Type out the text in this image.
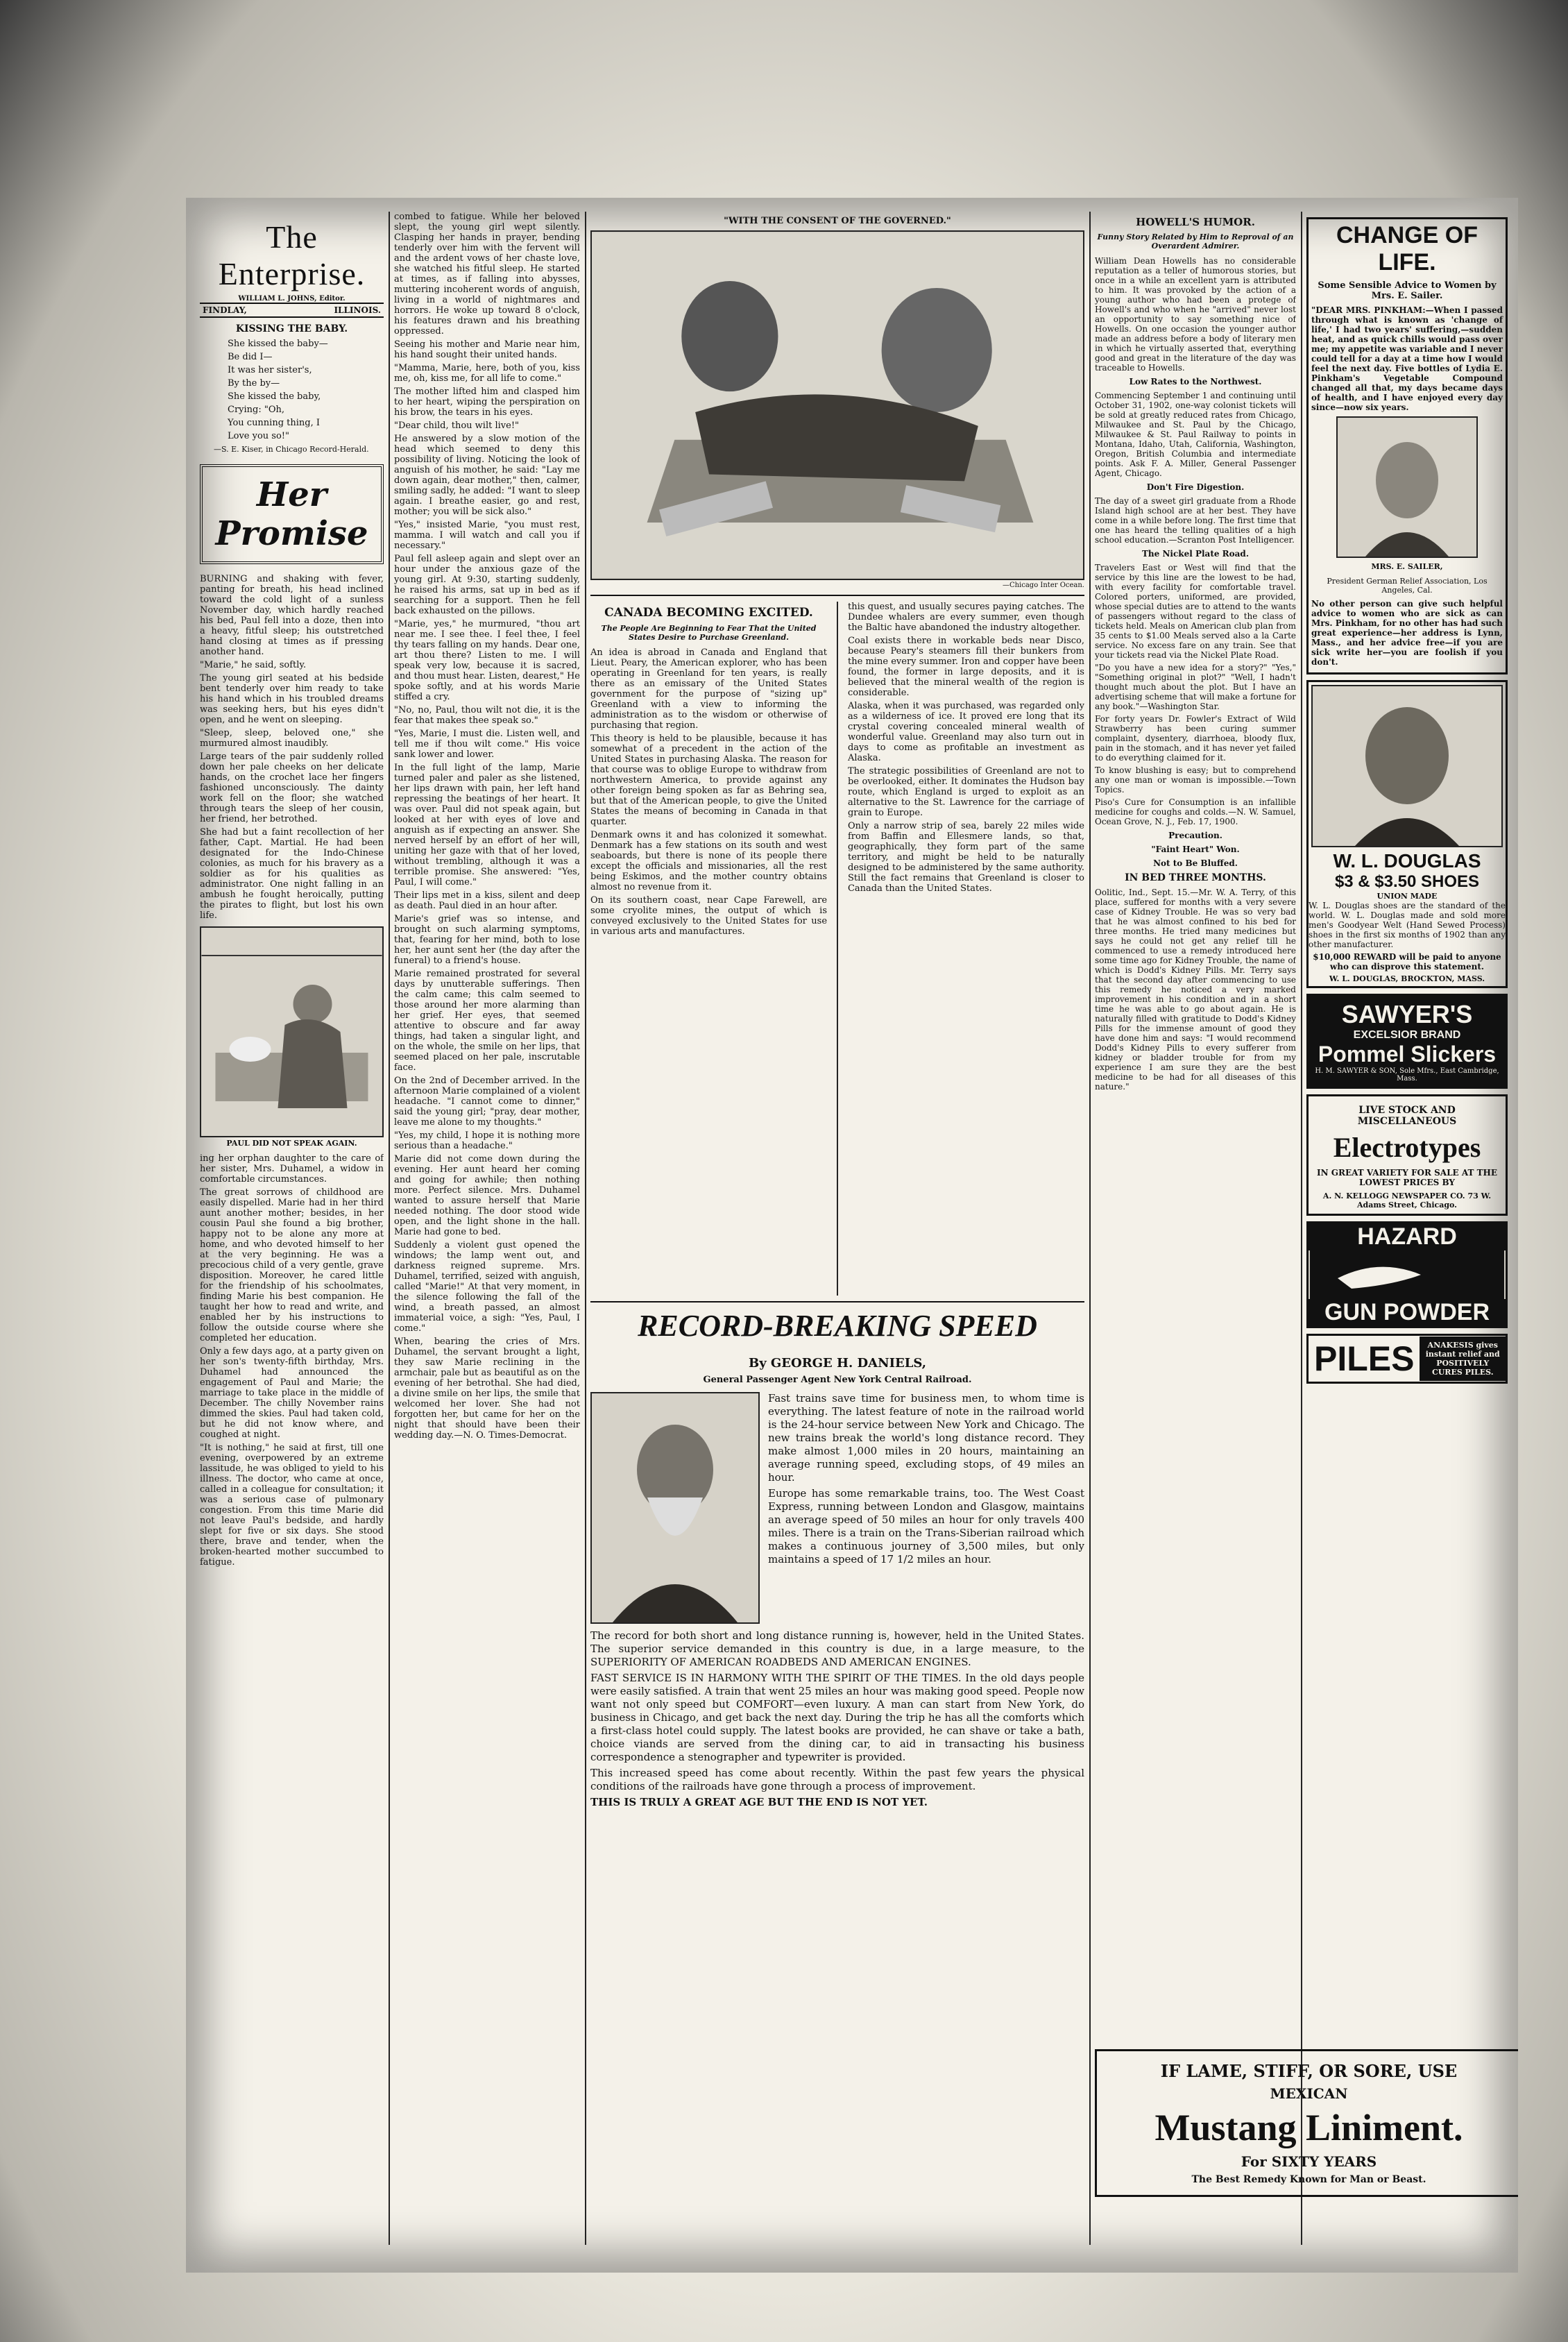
The Enterprise.
WILLIAM L. JOHNS, Editor.
FINDLAY,	ILLINOIS.
KISSING THE BABY.
She kissed the baby—
Be did I—
It was her sister's,
By the by—
She kissed the baby,
Crying: "Oh,
You cunning thing, I
Love you so!"
—S. E. Kiser, in Chicago Record-Herald.
Her Promise

BURNING and shaking with fever, panting for breath, his head inclined toward the cold light of a sunless November day, which hardly reached his bed, Paul fell into a doze, then into a heavy, fitful sleep; his outstretched hand closing at times as if pressing another hand.

"Marie," he said, softly.

The young girl seated at his bedside bent tenderly over him ready to take his hand which in his troubled dreams was seeking hers, but his eyes didn't open, and he went on sleeping.

"Sleep, sleep, beloved one," she murmured almost inaudibly.

Large tears of the pair suddenly rolled down her pale cheeks on her delicate hands, on the crochet lace her fingers fashioned unconsciously. The dainty work fell on the floor; she watched through tears the sleep of her cousin, her friend, her betrothed.

She had but a faint recollection of her father, Capt. Martial. He had been designated for the Indo-Chinese colonies, as much for his bravery as a soldier as for his qualities as administrator. One night falling in an ambush he fought heroically, putting the pirates to flight, but lost his own life.

PAUL DID NOT SPEAK AGAIN.

ing her orphan daughter to the care of her sister, Mrs. Duhamel, a widow in comfortable circumstances.

The great sorrows of childhood are easily dispelled. Marie had in her third aunt another mother; besides, in her cousin Paul she found a big brother, happy not to be alone any more at home, and who devoted himself to her at the very beginning. He was a precocious child of a very gentle, grave disposition. Moreover, he cared little for the friendship of his schoolmates, finding Marie his best companion. He taught her how to read and write, and enabled her by his instructions to follow the outside course where she completed her education.

Only a few days ago, at a party given on her son's twenty-fifth birthday, Mrs. Duhamel had announced the engagement of Paul and Marie; the marriage to take place in the middle of December. The chilly November rains dimmed the skies. Paul had taken cold, but he did not know where, and coughed at night.

"It is nothing," he said at first, till one evening, overpowered by an extreme lassitude, he was obliged to yield to his illness. The doctor, who came at once, called in a colleague for consultation; it was a serious case of pulmonary congestion. From this time Marie did not leave Paul's bedside, and hardly slept for five or six days. She stood there, brave and tender, when the broken-hearted mother succumbed to fatigue.

combed to fatigue. While her beloved slept, the young girl wept silently. Clasping her hands in prayer, bending tenderly over him with the fervent will and the ardent vows of her chaste love, she watched his fitful sleep. He started at times, as if falling into abysses, muttering incoherent words of anguish, living in a world of nightmares and horrors. He woke up toward 8 o'clock, his features drawn and his breathing oppressed.

Seeing his mother and Marie near him, his hand sought their united hands.

"Mamma, Marie, here, both of you, kiss me, oh, kiss me, for all life to come."

The mother lifted him and clasped him to her heart, wiping the perspiration on his brow, the tears in his eyes.

"Dear child, thou wilt live!"

He answered by a slow motion of the head which seemed to deny this possibility of living. Noticing the look of anguish of his mother, he said: "Lay me down again, dear mother," then, calmer, smiling sadly, he added: "I want to sleep again. I breathe easier, go and rest, mother; you will be sick also."

"Yes," insisted Marie, "you must rest, mamma. I will watch and call you if necessary."

Paul fell asleep again and slept over an hour under the anxious gaze of the young girl. At 9:30, starting suddenly, he raised his arms, sat up in bed as if searching for a support. Then he fell back exhausted on the pillows.

"Marie, yes," he murmured, "thou art near me. I see thee. I feel thee, I feel thy tears falling on my hands. Dear one, art thou there? Listen to me. I will speak very low, because it is sacred, and thou must hear. Listen, dearest," He spoke softly, and at his words Marie stiffed a cry.

"No, no, Paul, thou wilt not die, it is the fear that makes thee speak so."

"Yes, Marie, I must die. Listen well, and tell me if thou wilt come." His voice sank lower and lower.

In the full light of the lamp, Marie turned paler and paler as she listened, her lips drawn with pain, her left hand repressing the beatings of her heart. It was over. Paul did not speak again, but looked at her with eyes of love and anguish as if expecting an answer. She nerved herself by an effort of her will, uniting her gaze with that of her loved, without trembling, although it was a terrible promise. She answered: "Yes, Paul, I will come."

Their lips met in a kiss, silent and deep as death. Paul died in an hour after.

Marie's grief was so intense, and brought on such alarming symptoms, that, fearing for her mind, both to lose her, her aunt sent her (the day after the funeral) to a friend's house.

Marie remained prostrated for several days by unutterable sufferings. Then the calm came; this calm seemed to those around her more alarming than her grief. Her eyes, that seemed attentive to obscure and far away things, had taken a singular light, and on the whole, the smile on her lips, that seemed placed on her pale, inscrutable face.

On the 2nd of December arrived. In the afternoon Marie complained of a violent headache. "I cannot come to dinner," said the young girl; "pray, dear mother, leave me alone to my thoughts."

"Yes, my child, I hope it is nothing more serious than a headache."

Marie did not come down during the evening. Her aunt heard her coming and going for awhile; then nothing more. Perfect silence. Mrs. Duhamel wanted to assure herself that Marie needed nothing. The door stood wide open, and the light shone in the hall. Marie had gone to bed.

Suddenly a violent gust opened the windows; the lamp went out, and darkness reigned supreme. Mrs. Duhamel, terrified, seized with anguish, called "Marie!" At that very moment, in the silence following the fall of the wind, a breath passed, an almost immaterial voice, a sigh: "Yes, Paul, I come."

When, bearing the cries of Mrs. Duhamel, the servant brought a light, they saw Marie reclining in the armchair, pale but as beautiful as on the evening of her betrothal. She had died, a divine smile on her lips, the smile that welcomed her lover. She had not forgotten her, but came for her on the night that should have been their wedding day.—N. O. Times-Democrat.

"WITH THE CONSENT OF THE GOVERNED."
—Chicago Inter Ocean.
CANADA BECOMING EXCITED.
The People Are Beginning to Fear That the United States Desire to Purchase Greenland.

An idea is abroad in Canada and England that Lieut. Peary, the American explorer, who has been operating in Greenland for ten years, is really there as an emissary of the United States government for the purpose of "sizing up" Greenland with a view to informing the administration as to the wisdom or otherwise of purchasing that region.

This theory is held to be plausible, because it has somewhat of a precedent in the action of the United States in purchasing Alaska. The reason for that course was to oblige Europe to withdraw from northwestern America, to provide against any other foreign being spoken as far as Behring sea, but that of the American people, to give the United States the means of becoming in Canada in that quarter.

Denmark owns it and has colonized it somewhat. Denmark has a few stations on its south and west seaboards, but there is none of its people there except the officials and missionaries, all the rest being Eskimos, and the mother country obtains almost no revenue from it.

On its southern coast, near Cape Farewell, are some cryolite mines, the output of which is conveyed exclusively to the United States for use in various arts and manufactures.

this quest, and usually secures paying catches. The Dundee whalers are every summer, even though the Baltic have abandoned the industry altogether.

Coal exists there in workable beds near Disco, because Peary's steamers fill their bunkers from the mine every summer. Iron and copper have been found, the former in large deposits, and it is believed that the mineral wealth of the region is considerable.

Alaska, when it was purchased, was regarded only as a wilderness of ice. It proved ere long that its crystal covering concealed mineral wealth of wonderful value. Greenland may also turn out in days to come as profitable an investment as Alaska.

The strategic possibilities of Greenland are not to be overlooked, either. It dominates the Hudson bay route, which England is urged to exploit as an alternative to the St. Lawrence for the carriage of grain to Europe.

Only a narrow strip of sea, barely 22 miles wide from Baffin and Ellesmere lands, so that, geographically, they form part of the same territory, and might be held to be naturally designed to be administered by the same authority. Still the fact remains that Greenland is closer to Canada than the United States.

RECORD-BREAKING SPEED
By GEORGE H. DANIELS,
General Passenger Agent New York Central Railroad.

Fast trains save time for business men, to whom time is everything. The latest feature of note in the railroad world is the 24-hour service between New York and Chicago. The new trains break the world's long distance record. They make almost 1,000 miles in 20 hours, maintaining an average running speed, excluding stops, of 49 miles an hour.

Europe has some remarkable trains, too. The West Coast Express, running between London and Glasgow, maintains an average speed of 50 miles an hour for only travels 400 miles. There is a train on the Trans-Siberian railroad which makes a continuous journey of 3,500 miles, but only maintains a speed of 17 1/2 miles an hour.

The record for both short and long distance running is, however, held in the United States. The superior service demanded in this country is due, in a large measure, to the SUPERIORITY OF AMERICAN ROADBEDS AND AMERICAN ENGINES.

FAST SERVICE IS IN HARMONY WITH THE SPIRIT OF THE TIMES. In the old days people were easily satisfied. A train that went 25 miles an hour was making good speed. People now want not only speed but COMFORT—even luxury. A man can start from New York, do business in Chicago, and get back the next day. During the trip he has all the comforts which a first-class hotel could supply. The latest books are provided, he can shave or take a bath, choice viands are served from the dining car, to aid in transacting his business correspondence a stenographer and typewriter is provided.

This increased speed has come about recently. Within the past few years the physical conditions of the railroads have gone through a process of improvement.

THIS IS TRULY A GREAT AGE BUT THE END IS NOT YET.

HOWELL'S HUMOR.
Funny Story Related by Him to Reproval of an Overardent Admirer.

William Dean Howells has no considerable reputation as a teller of humorous stories, but once in a while an excellent yarn is attributed to him. It was provoked by the action of a young author who had been a protege of Howell's and who when he "arrived" never lost an opportunity to say something nice of Howells. On one occasion the younger author made an address before a body of literary men in which he virtually asserted that, everything good and great in the literature of the day was traceable to Howells.

Low Rates to the Northwest.

Commencing September 1 and continuing until October 31, 1902, one-way colonist tickets will be sold at greatly reduced rates from Chicago, Milwaukee and St. Paul by the Chicago, Milwaukee & St. Paul Railway to points in Montana, Idaho, Utah, California, Washington, Oregon, British Columbia and intermediate points. Ask F. A. Miller, General Passenger Agent, Chicago.

Don't Fire Digestion.

The day of a sweet girl graduate from a Rhode Island high school are at her best. They have come in a while before long. The first time that one has heard the telling qualities of a high school education.—Scranton Post Intelligencer.

The Nickel Plate Road.

Travelers East or West will find that the service by this line are the lowest to be had, with every facility for comfortable travel. Colored porters, uniformed, are provided, whose special duties are to attend to the wants of passengers without regard to the class of tickets held. Meals on American club plan from 35 cents to $1.00 Meals served also a la Carte service. No excess fare on any train. See that your tickets read via the Nickel Plate Road.

"Do you have a new idea for a story?" "Yes," "Something original in plot?" "Well, I hadn't thought much about the plot. But I have an advertising scheme that will make a fortune for any book."—Washington Star.

For forty years Dr. Fowler's Extract of Wild Strawberry has been curing summer complaint, dysentery, diarrhoea, bloody flux, pain in the stomach, and it has never yet failed to do everything claimed for it.

To know blushing is easy; but to comprehend any one man or woman is impossible.—Town Topics.

Piso's Cure for Consumption is an infallible medicine for coughs and colds.—N. W. Samuel, Ocean Grove, N. J., Feb. 17, 1900.

Precaution.
"Faint Heart" Won.
Not to Be Bluffed.
IN BED THREE MONTHS.

Oolitic, Ind., Sept. 15.—Mr. W. A. Terry, of this place, suffered for months with a very severe case of Kidney Trouble. He was so very bad that he was almost confined to his bed for three months. He tried many medicines but says he could not get any relief till he commenced to use a remedy introduced here some time ago for Kidney Trouble, the name of which is Dodd's Kidney Pills. Mr. Terry says that the second day after commencing to use this remedy he noticed a very marked improvement in his condition and in a short time he was able to go about again. He is naturally filled with gratitude to Dodd's Kidney Pills for the immense amount of good they have done him and says: "I would recommend Dodd's Kidney Pills to every sufferer from kidney or bladder trouble for from my experience I am sure they are the best medicine to be had for all diseases of this nature."

CHANGE OF LIFE.
Some Sensible Advice to Women by Mrs. E. Sailer.

"DEAR MRS. PINKHAM:—When I passed through what is known as 'change of life,' I had two years' suffering,—sudden heat, and as quick chills would pass over me; my appetite was variable and I never could tell for a day at a time how I would feel the next day. Five bottles of Lydia E. Pinkham's Vegetable Compound changed all that, my days became days of health, and I have enjoyed every day since—now six years.

MRS. E. SAILER,
President German Relief Association, Los Angeles, Cal.

No other person can give such helpful advice to women who are sick as can Mrs. Pinkham, for no other has had such great experience—her address is Lynn, Mass., and her advice free—if you are sick write her—you are foolish if you don't.

W. L. DOUGLAS
$3 & $3.50 SHOES
UNION MADE

W. L. Douglas shoes are the standard of the world. W. L. Douglas made and sold more men's Goodyear Welt (Hand Sewed Process) shoes in the first six months of 1902 than any other manufacturer.

$10,000 REWARD will be paid to anyone who can disprove this statement.
W. L. DOUGLAS, BROCKTON, MASS.
SAWYER'S
EXCELSIOR BRAND
Pommel Slickers
H. M. SAWYER & SON, Sole Mfrs., East Cambridge, Mass.
LIVE STOCK AND MISCELLANEOUS
Electrotypes
IN GREAT VARIETY FOR SALE AT THE LOWEST PRICES BY
A. N. KELLOGG NEWSPAPER CO. 73 W. Adams Street, Chicago.
HAZARD
GUN POWDER
PILES	ANAKESIS gives instant relief and POSITIVELY CURES PILES.
IF LAME, STIFF, OR SORE, USE
MEXICAN
Mustang Liniment.
For SIXTY YEARS
The Best Remedy Known for Man or Beast.
